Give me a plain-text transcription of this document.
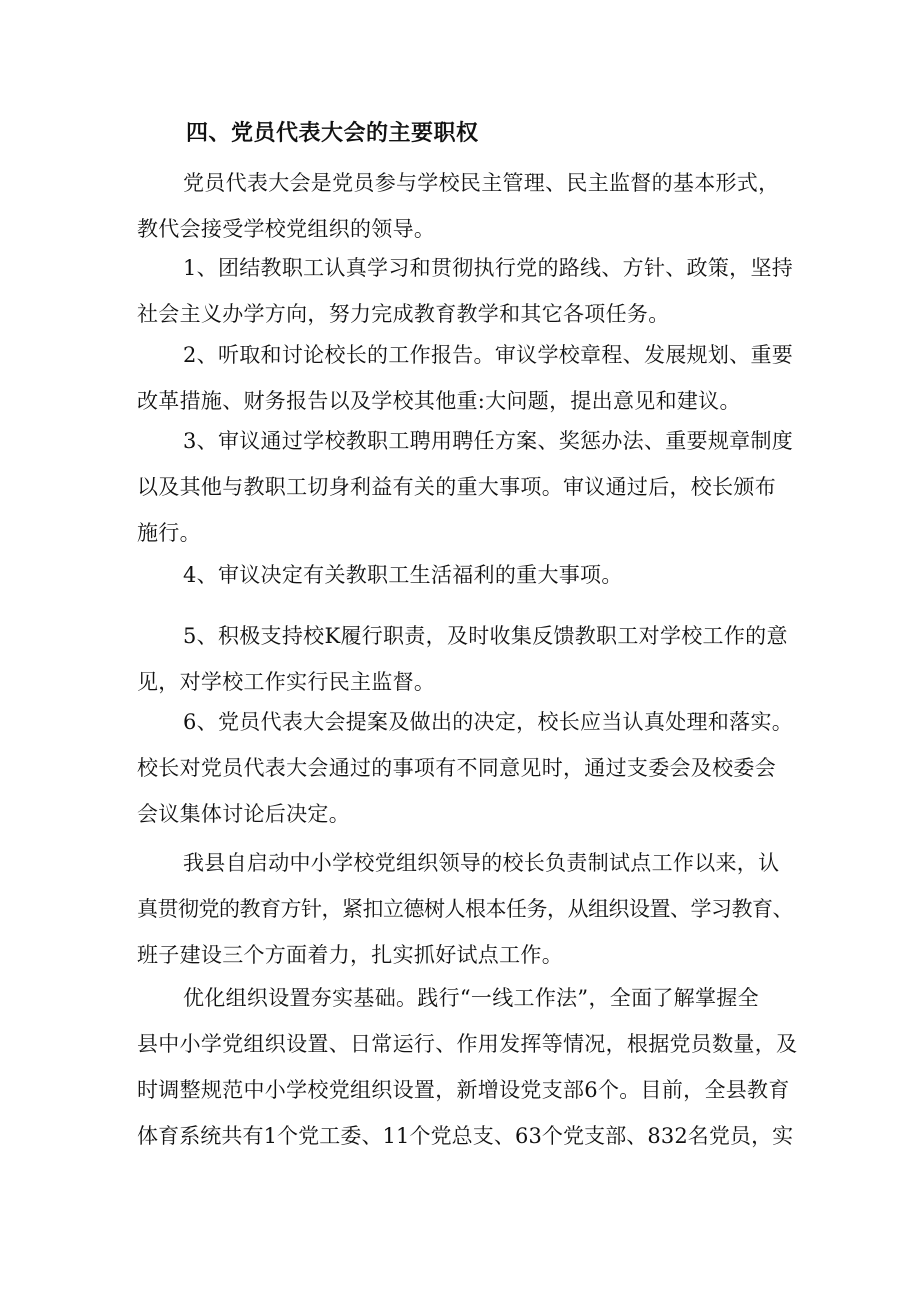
四、党员代表大会的主要职权

党员代表大会是党员参与学校民主管理、民主监督的基本形式，
教代会接受学校党组织的领导。

1、团结教职工认真学习和贯彻执行党的路线、方针、政策，坚持
社会主义办学方向，努力完成教育教学和其它各项任务。

2、听取和讨论校长的工作报告。审议学校章程、发展规划、重要
改革措施、财务报告以及学校其他重:大问题，提出意见和建议。

3、审议通过学校教职工聘用聘任方案、奖惩办法、重要规章制度
以及其他与教职工切身利益有关的重大事项。审议通过后，校长颁布
施行。

4、审议决定有关教职工生活福利的重大事项。

5、积极支持校K履行职责，及时收集反馈教职工对学校工作的意
见，对学校工作实行民主监督。

6、党员代表大会提案及做出的决定，校长应当认真处理和落实。
校长对党员代表大会通过的事项有不同意见时，通过支委会及校委会
会议集体讨论后决定。

我县自启动中小学校党组织领导的校长负责制试点工作以来，认
真贯彻党的教育方针，紧扣立德树人根本任务，从组织设置、学习教育、
班子建设三个方面着力，扎实抓好试点工作。

优化组织设置夯实基础。践行“一线工作法”，全面了解掌握全
县中小学党组织设置、日常运行、作用发挥等情况，根据党员数量，及
时调整规范中小学校党组织设置，新增设党支部6个。目前，全县教育
体育系统共有1个党工委、11个党总支、63个党支部、832名党员，实
